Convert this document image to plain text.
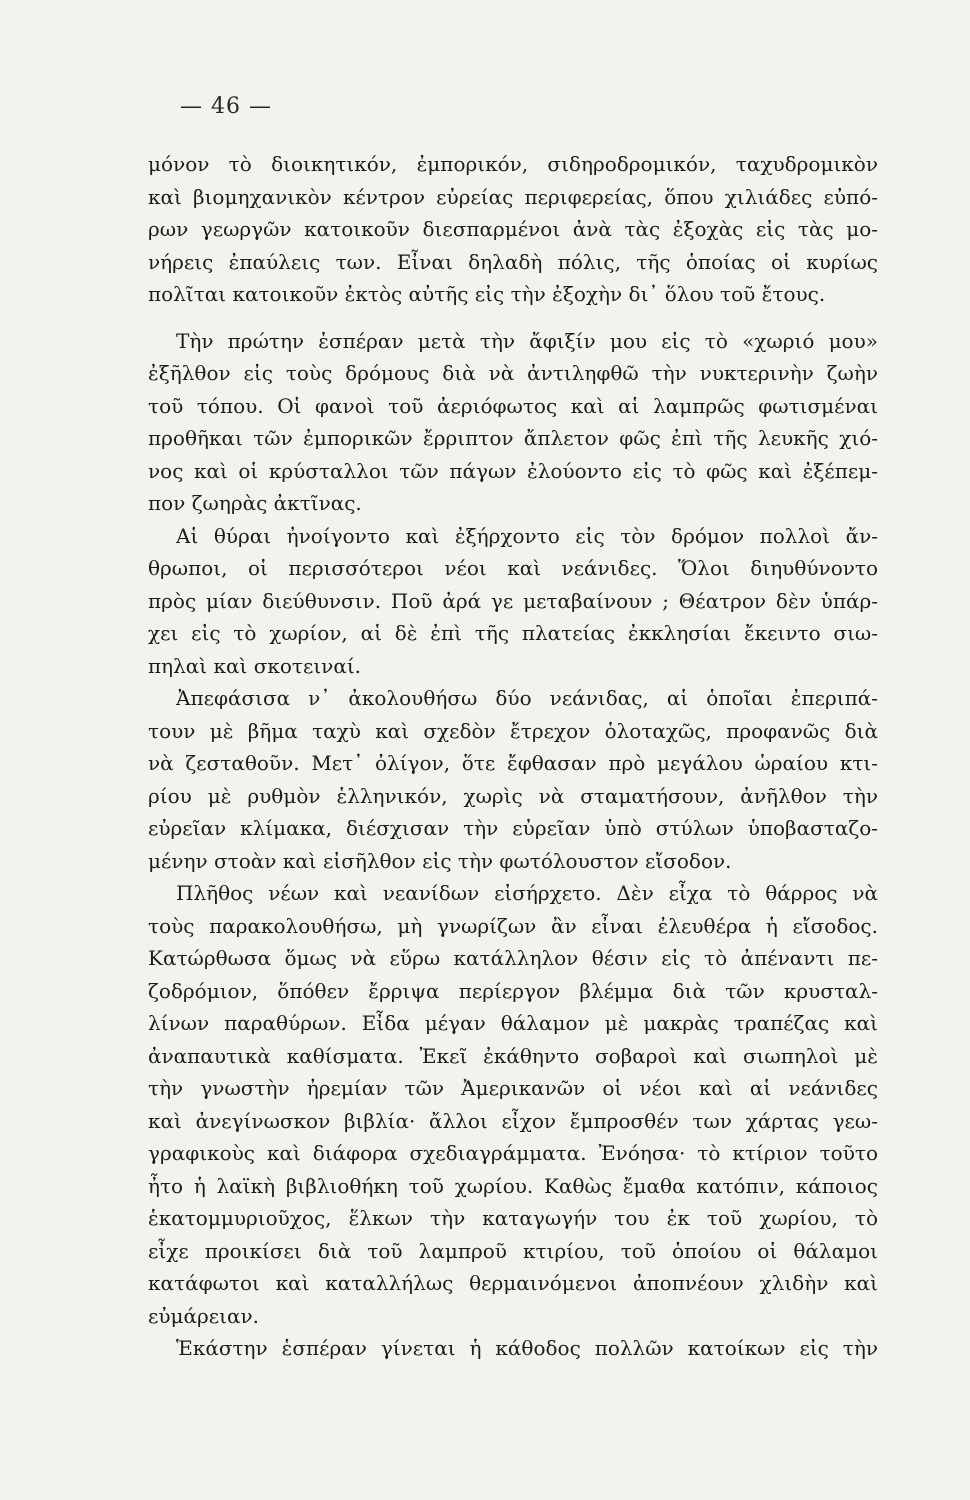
— 46 —
μόνον τὸ διοικητικόν, ἐμπορικόν, σιδηροδρομικόν, ταχυδρομικὸν
καὶ βιομηχανικὸν κέντρον εὐρείας περιφερείας, ὅπου χιλιάδες εὐπό-
ρων γεωργῶν κατοικοῦν διεσπαρμένοι ἀνὰ τὰς ἐξοχὰς εἰς τὰς μο-
νήρεις ἐπαύλεις των. Εἶναι δηλαδὴ πόλις, τῆς ὁποίας οἱ κυρίως
πολῖται κατοικοῦν ἐκτὸς αὐτῆς εἰς τὴν ἐξοχὴν δι᾽ ὅλου τοῦ ἔτους.
Τὴν πρώτην ἑσπέραν μετὰ τὴν ἄφιξίν μου εἰς τὸ «χωριό μου»
ἐξῆλθον εἰς τοὺς δρόμους διὰ νὰ ἀντιληφθῶ τὴν νυκτερινὴν ζωὴν
τοῦ τόπου. Οἱ φανοὶ τοῦ ἀεριόφωτος καὶ αἱ λαμπρῶς φωτισμέναι
προθῆκαι τῶν ἐμπορικῶν ἔρριπτον ἄπλετον φῶς ἐπὶ τῆς λευκῆς χιό-
νος καὶ οἱ κρύσταλλοι τῶν πάγων ἐλούοντο εἰς τὸ φῶς καὶ ἐξέπεμ-
πον ζωηρὰς ἀκτῖνας.
Αἱ θύραι ἠνοίγοντο καὶ ἐξήρχοντο εἰς τὸν δρόμον πολλοὶ ἄν-
θρωποι, οἱ περισσότεροι νέοι καὶ νεάνιδες. Ὅλοι διηυθύνοντο
πρὸς μίαν διεύθυνσιν. Ποῦ ἀρά γε μεταβαίνουν ; Θέατρον δὲν ὑπάρ-
χει εἰς τὸ χωρίον, αἱ δὲ ἐπὶ τῆς πλατείας ἐκκλησίαι ἔκειντο σιω-
πηλαὶ καὶ σκοτειναί.
Ἀπεφάσισα ν᾽ ἀκολουθήσω δύο νεάνιδας, αἱ ὁποῖαι ἐπεριπά-
τουν μὲ βῆμα ταχὺ καὶ σχεδὸν ἔτρεχον ὁλοταχῶς, προφανῶς διὰ
νὰ ζεσταθοῦν. Μετ᾽ ὀλίγον, ὅτε ἔφθασαν πρὸ μεγάλου ὡραίου κτι-
ρίου μὲ ρυθμὸν ἑλληνικόν, χωρὶς νὰ σταματήσουν, ἀνῆλθον τὴν
εὐρεῖαν κλίμακα, διέσχισαν τὴν εὐρεῖαν ὑπὸ στύλων ὑποβασταζο-
μένην στοὰν καὶ εἰσῆλθον εἰς τὴν φωτόλουστον εἴσοδον.
Πλῆθος νέων καὶ νεανίδων εἰσήρχετο. Δὲν εἶχα τὸ θάρρος νὰ
τοὺς παρακολουθήσω, μὴ γνωρίζων ἂν εἶναι ἐλευθέρα ἡ εἴσοδος.
Κατώρθωσα ὅμως νὰ εὕρω κατάλληλον θέσιν εἰς τὸ ἀπέναντι πε-
ζοδρόμιον, ὅπόθεν ἔρριψα περίεργον βλέμμα διὰ τῶν κρυσταλ-
λίνων παραθύρων. Εἶδα μέγαν θάλαμον μὲ μακρὰς τραπέζας καὶ
ἀναπαυτικὰ καθίσματα. Ἐκεῖ ἐκάθηντο σοβαροὶ καὶ σιωπηλοὶ μὲ
τὴν γνωστὴν ἠρεμίαν τῶν Ἀμερικανῶν οἱ νέοι καὶ αἱ νεάνιδες
καὶ ἀνεγίνωσκον βιβλία· ἄλλοι εἶχον ἔμπροσθέν των χάρτας γεω-
γραφικοὺς καὶ διάφορα σχεδιαγράμματα. Ἐνόησα· τὸ κτίριον τοῦτο
ἦτο ἡ λαϊκὴ βιβλιοθήκη τοῦ χωρίου. Καθὼς ἔμαθα κατόπιν, κάποιος
ἑκατομμυριοῦχος, ἕλκων τὴν καταγωγήν του ἐκ τοῦ χωρίου, τὸ
εἶχε προικίσει διὰ τοῦ λαμπροῦ κτιρίου, τοῦ ὁποίου οἱ θάλαμοι
κατάφωτοι καὶ καταλλήλως θερμαινόμενοι ἀποπνέουν χλιδὴν καὶ
εὐμάρειαν.
Ἑκάστην ἑσπέραν γίνεται ἡ κάθοδος πολλῶν κατοίκων εἰς τὴν
